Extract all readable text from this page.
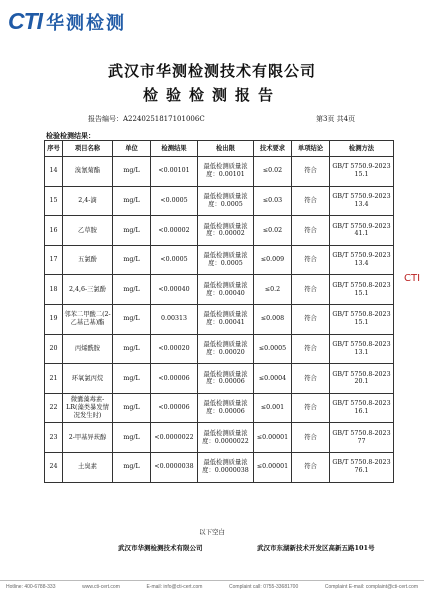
CTI 华测检测
武汉市华测检测技术有限公司
检验检测报告
报告编号：A2240251817101006C	第3页 共4页
检验检测结果：
序号	项目名称	单位	检测结果	检出限	技术要求	单项结论	检测方法
14	溴氰菊酯	mg/L	<0.00101	最低检测质量浓度：0.00101	≤0.02	符合	GB/T 5750.9-2023 15.1
15	2,4-滴	mg/L	<0.0005	最低检测质量浓度：0.0005	≤0.03	符合	GB/T 5750.9-2023 13.4
16	乙草胺	mg/L	<0.00002	最低检测质量浓度：0.00002	≤0.02	符合	GB/T 5750.9-2023 41.1
17	五氯酚	mg/L	<0.0005	最低检测质量浓度：0.0005	≤0.009	符合	GB/T 5750.9-2023 13.4
18	2,4,6-三氯酚	mg/L	<0.00040	最低检测质量浓度：0.00040	≤0.2	符合	GB/T 5750.8-2023 15.1
19	邻苯二甲酸二(2-乙基己基)酯	mg/L	0.00313	最低检测质量浓度：0.00041	≤0.008	符合	GB/T 5750.8-2023 15.1
20	丙烯酰胺	mg/L	<0.00020	最低检测质量浓度：0.00020	≤0.0005	符合	GB/T 5750.8-2023 13.1
21	环氧氯丙烷	mg/L	<0.00006	最低检测质量浓度：0.00006	≤0.0004	符合	GB/T 5750.8-2023 20.1
22	微囊藻毒素-LR(藻类暴发情况发生时)	mg/L	<0.00006	最低检测质量浓度：0.00006	≤0.001	符合	GB/T 5750.8-2023 16.1
23	2-甲基异莰醇	mg/L	<0.0000022	最低检测质量浓度：0.0000022	≤0.00001	符合	GB/T 5750.8-2023 77
24	土臭素	mg/L	<0.0000038	最低检测质量浓度：0.0000038	≤0.00001	符合	GB/T 5750.8-2023 76.1
以下空白
武汉市华测检测技术有限公司	武汉市东湖新技术开发区高新五路101号
CTI
Hotline: 400-6788-333	www.cti-cert.com	E-mail: info@cti-cert.com	Complaint call: 0755-33681700	Complaint E-mail: complaint@cti-cert.com
